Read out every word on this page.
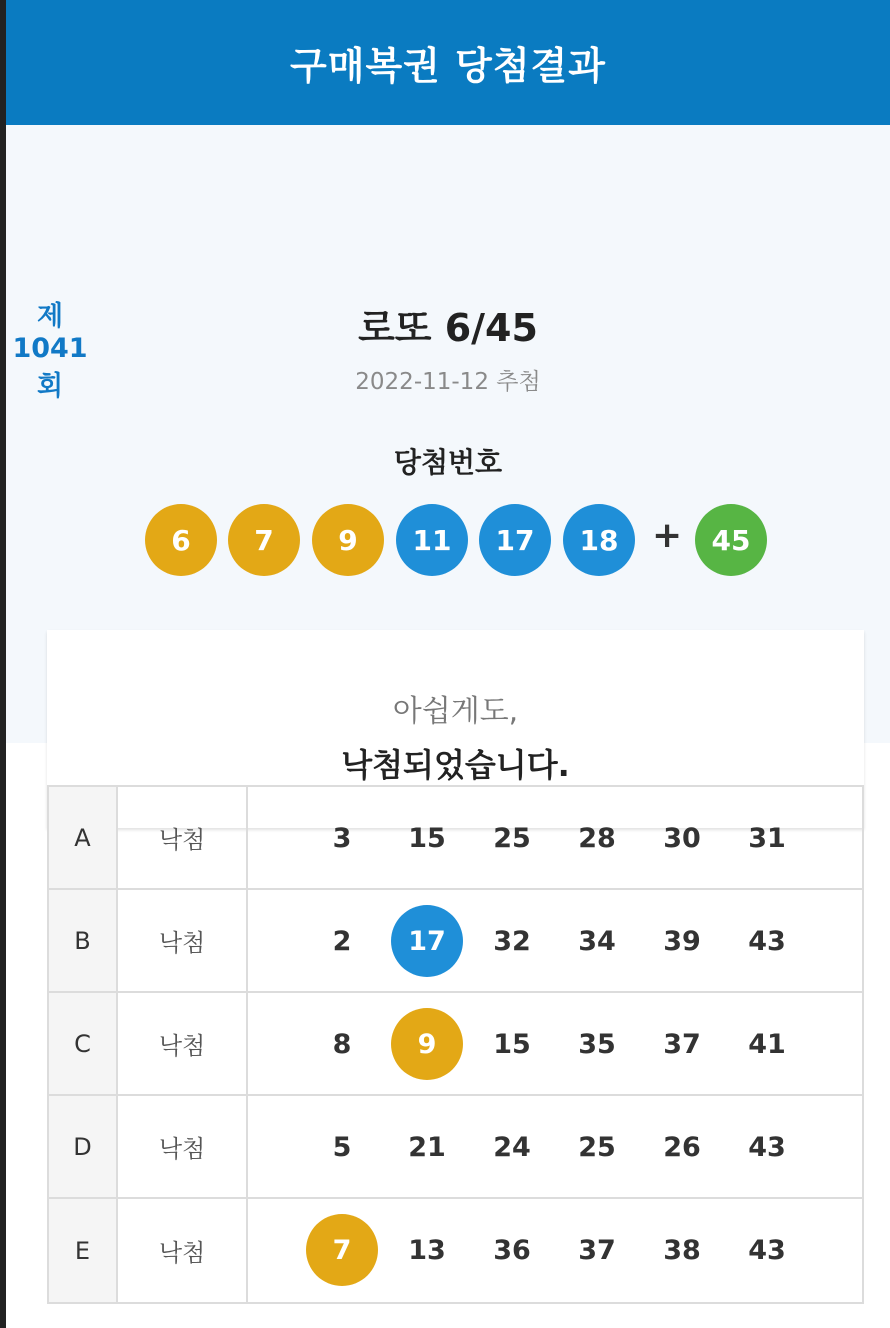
구매복권 당첨결과
로또 6/45
제1041회	2022-11-12 추첨
당첨번호
6	7	9	11	17	18 +	45
아쉽게도,
낙첨되었습니다.
A	낙첨	3	15	25	28	30	31
B	낙첨	2	17	32	34	39	43
C	낙첨	8	9	15	35	37	41
D	낙첨	5	21	24	25	26	43
E	낙첨	7	13	36	37	38	43
